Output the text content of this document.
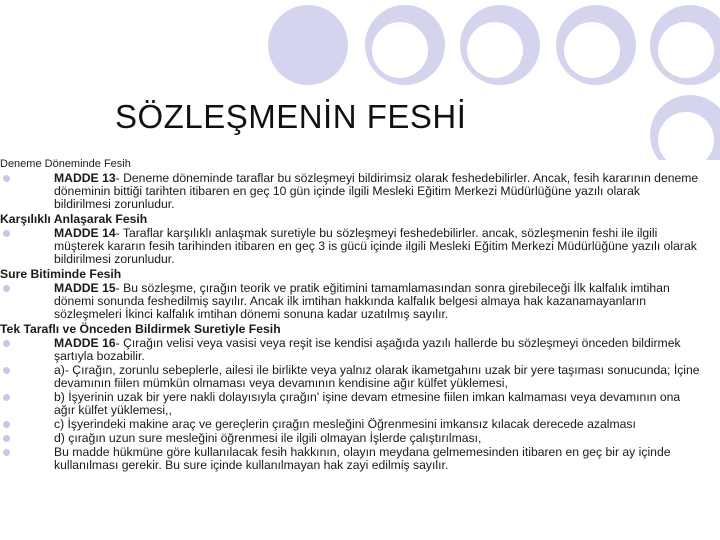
SÖZLEŞMENİN FESHİ
Deneme Döneminde Fesih
MADDE 13- Deneme döneminde taraflar bu sözleşmeyi bildirimsiz olarak feshedebilirler. Ancak, fesih kararının deneme döneminin bittiği tarihten itibaren en geç 10 gün içinde ilgili Mesleki Eğitim Merkezi Müdürlüğüne yazılı olarak bildirilmesi zorunludur.
Karşılıklı Anlaşarak Fesih
MADDE 14- Taraflar karşılıklı anlaşmak suretiyle bu sözleşmeyi feshedebilirler. ancak, sözleşmenin feshi ile ilgili müşterek kararın fesih tarihinden itibaren en geç 3 is gücü içinde ilgili Mesleki Eğitim Merkezi Müdürlüğüne yazılı olarak bildirilmesi zorunludur.
Sure Bitiminde Fesih
MADDE 15- Bu sözleşme, çırağın teorik ve pratik eğitimini tamamlamasından sonra girebileceği İlk kalfalık imtihan dönemi sonunda feshedilmiş sayılır. Ancak ilk imtihan hakkında kalfalık belgesi almaya hak kazanamayanların sözleşmeleri İkinci kalfalık imtihan dönemi sonuna kadar uzatılmış sayılır.
Tek Taraflı ve Önceden Bildirmek Suretiyle Fesih
MADDE 16- Çırağın velisi veya vasisi veya reşit ise kendisi aşağıda yazılı hallerde bu sözleşmeyi önceden bildirmek şartıyla bozabilir.
a)- Çırağın, zorunlu sebeplerle, ailesi ile birlikte veya yalnız olarak ikametgahını uzak bir yere taşıması sonucunda; İçine devamının fiilen mümkün olmaması veya devamının kendisine ağır külfet yüklemesi,
b) İşyerinin uzak bir yere nakli dolayısıyla çırağın' işine devam etmesine fiilen imkan kalmaması veya devamının ona ağır külfet yüklemesi,,
c) İşyerindeki makine araç ve gereçlerin çırağın mesleğini Öğrenmesini imkansız kılacak derecede azalması
d) çırağın uzun sure mesleğini öğrenmesi ile ilgili olmayan İşlerde çalıştırılması,
Bu madde hükmüne göre kullanılacak fesih hakkının, olayın meydana gelmemesinden itibaren en geç bir ay içinde kullanılması gerekir. Bu sure içinde kullanılmayan hak zayi edilmiş sayılır.
